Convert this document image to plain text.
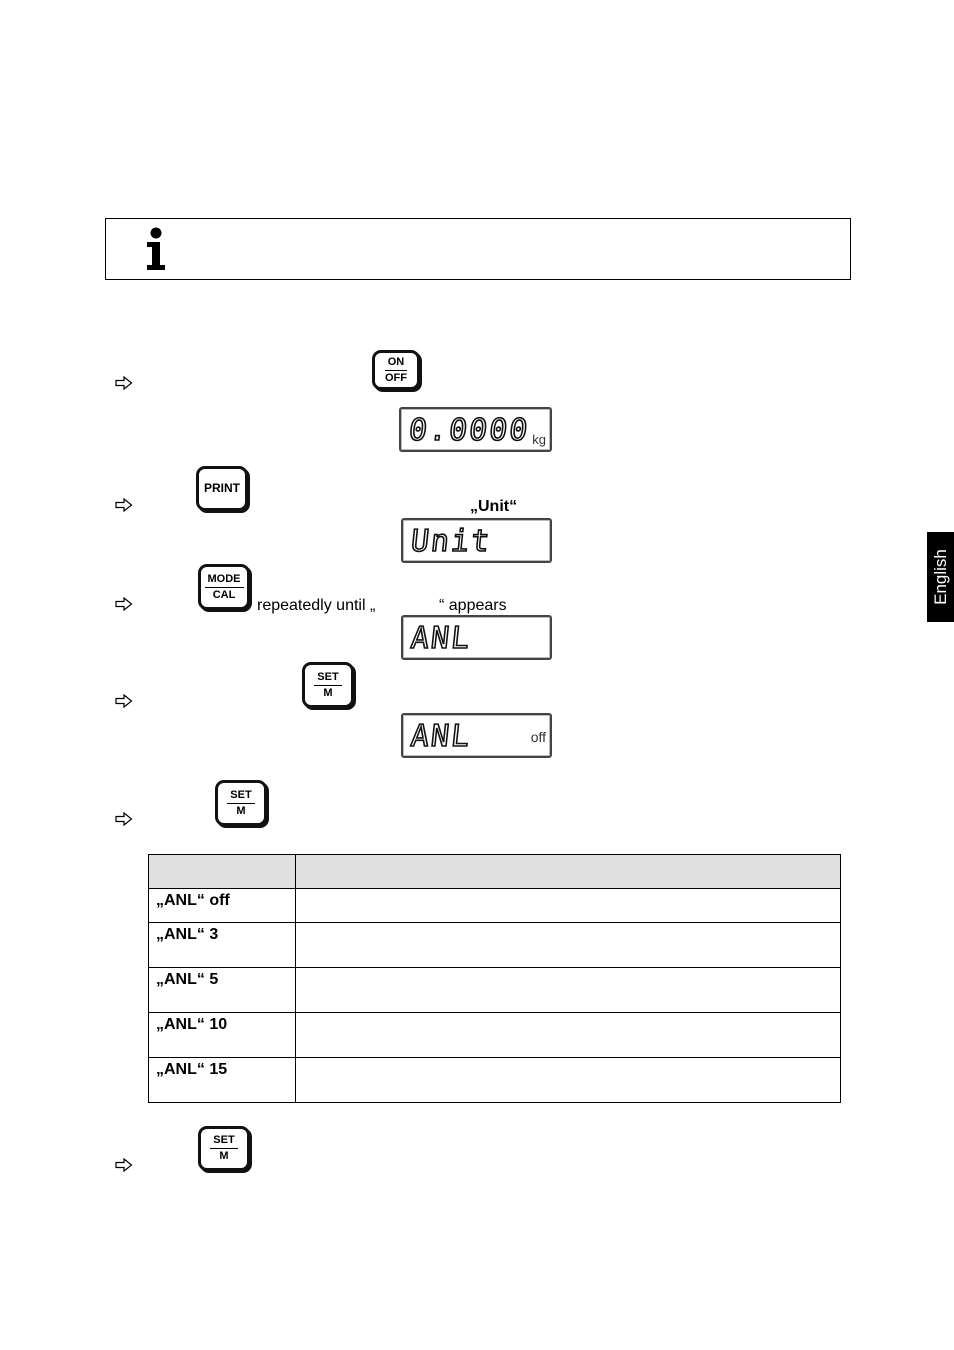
ON
OFF
0.0000 kg
PRINT
„Unit“
Unit
MODE
CAL
repeatedly until „	“ appears
ANL
SET
M
ANL	off
SET
M

„ANL“ off	
„ANL“ 3	
„ANL“ 5	
„ANL“ 10	
„ANL“ 15	
SET
M
English
